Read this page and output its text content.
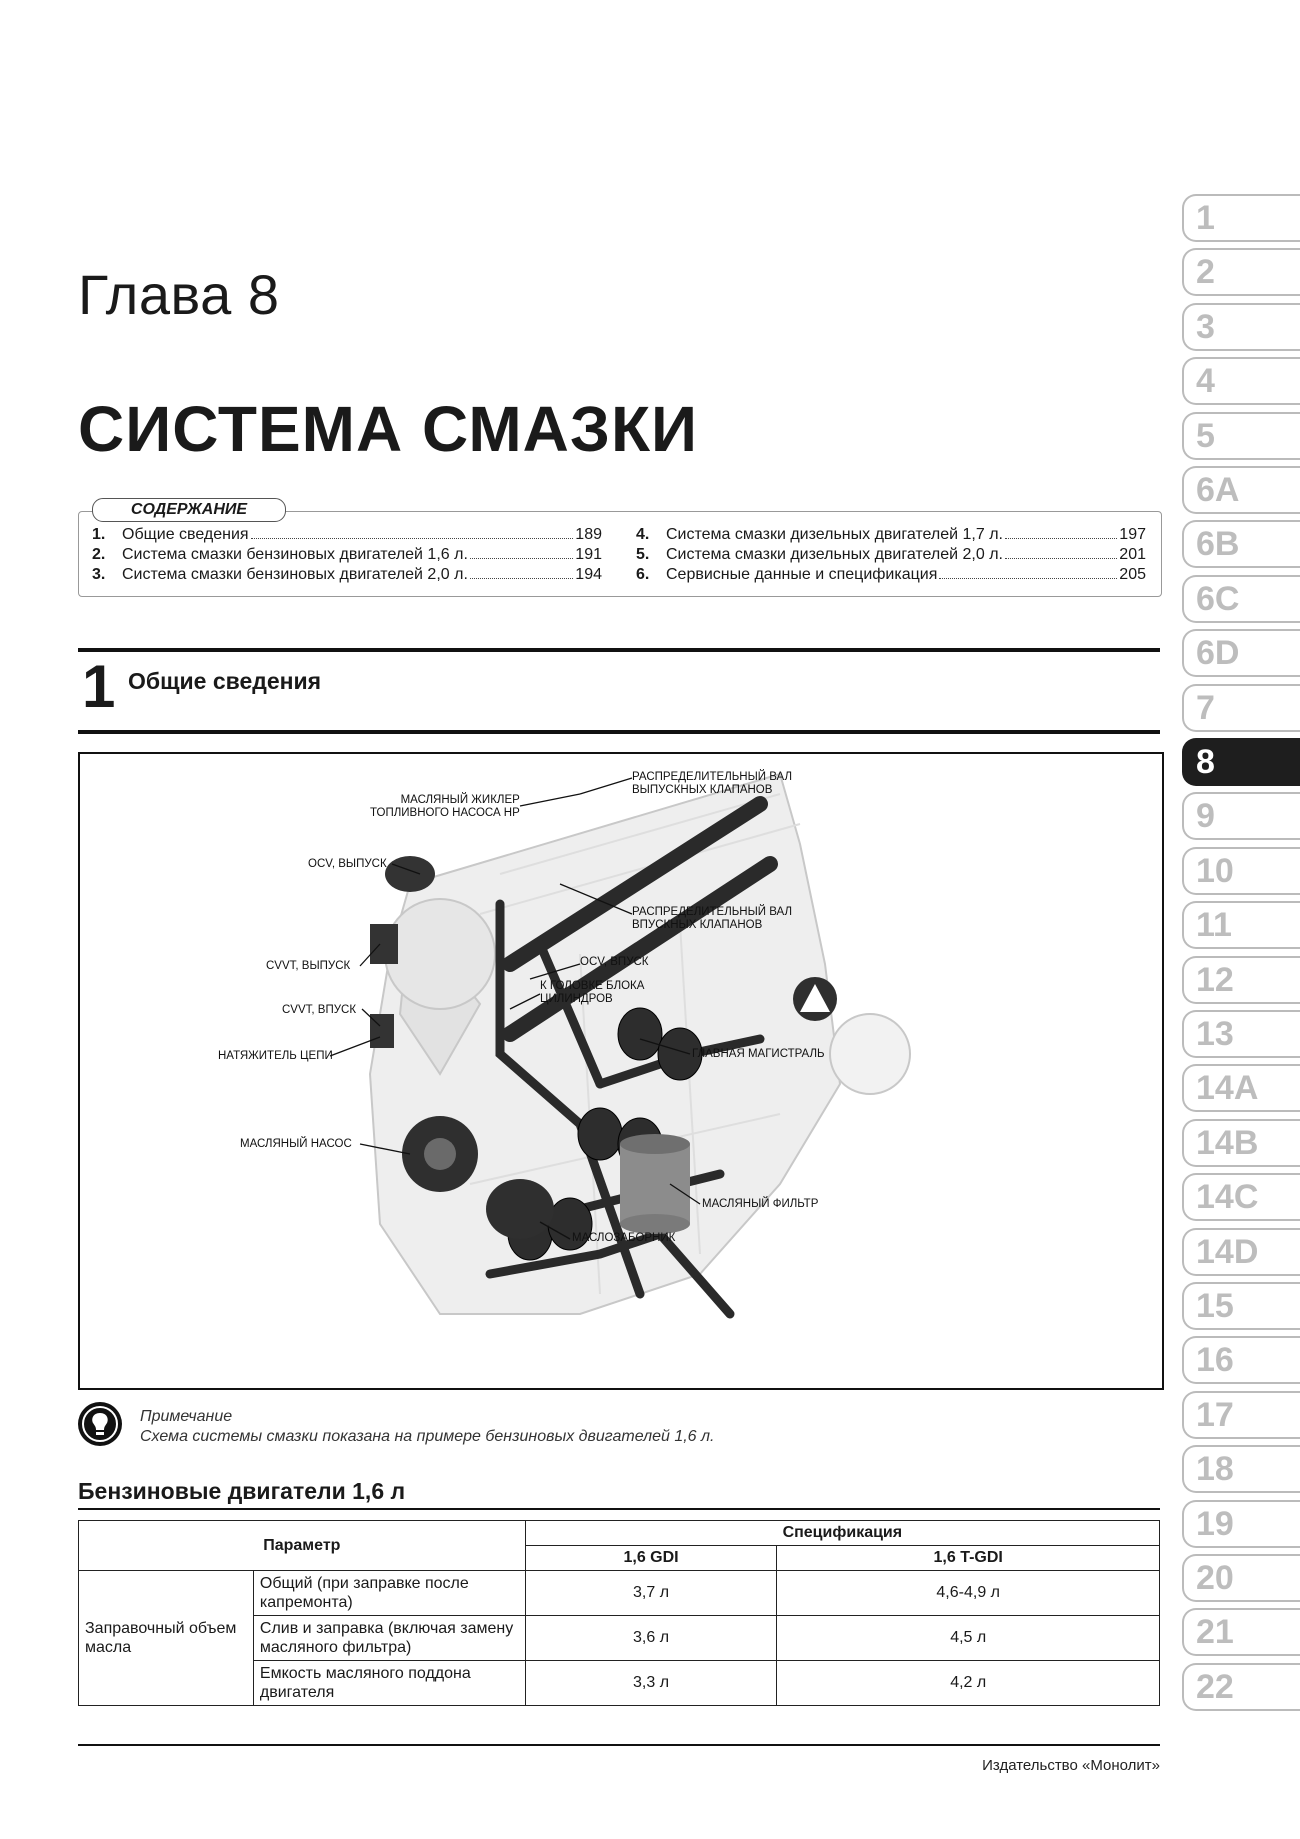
Глава 8
СИСТЕМА СМАЗКИ
СОДЕРЖАНИЕ
1.	Общие сведения	189
2.	Система смазки бензиновых двигателей 1,6 л.	191
3.	Система смазки бензиновых двигателей 2,0 л.	194
4.	Система смазки дизельных двигателей 1,7 л.	197
5.	Система смазки дизельных двигателей 2,0 л.	201
6.	Сервисные данные и спецификация	205
1 Общие сведения
МАСЛЯНЫЙ ЖИКЛЕР
ТОПЛИВНОГО НАСОСА HP
РАСПРЕДЕЛИТЕЛЬНЫЙ ВАЛ
ВЫПУСКНЫХ КЛАПАНОВ
OCV, ВЫПУСК
РАСПРЕДЕЛИТЕЛЬНЫЙ ВАЛ
ВПУСКНЫХ КЛАПАНОВ
CVVT, ВЫПУСК	OCV, ВПУСК
К ГОЛОВКЕ БЛОКА
ЦИЛИНДРОВ
CVVT, ВПУСК
НАТЯЖИТЕЛЬ ЦЕПИ	ГЛАВНАЯ МАГИСТРАЛЬ
МАСЛЯНЫЙ НАСОС
МАСЛЯНЫЙ ФИЛЬТР
МАСЛОЗАБОРНИК
Примечание
Схема системы смазки показана на примере бензиновых двигателей 1,6 л.
Бензиновые двигатели 1,6 л
Параметр		Спецификация	
		1,6 GDI	1,6 T-GDI
Заправочный объем масла	Общий (при заправке после капремонта)	3,7 л	4,6-4,9 л
	Слив и заправка (включая замену масляного фильтра)	3,6 л	4,5 л
	Емкость масляного поддона двигателя	3,3 л	4,2 л
Издательство «Монолит»
1
2
3
4
5
6A
6B
6C
6D
7
8
9
10
11
12
13
14A
14B
14C
14D
15
16
17
18
19
20
21
22
